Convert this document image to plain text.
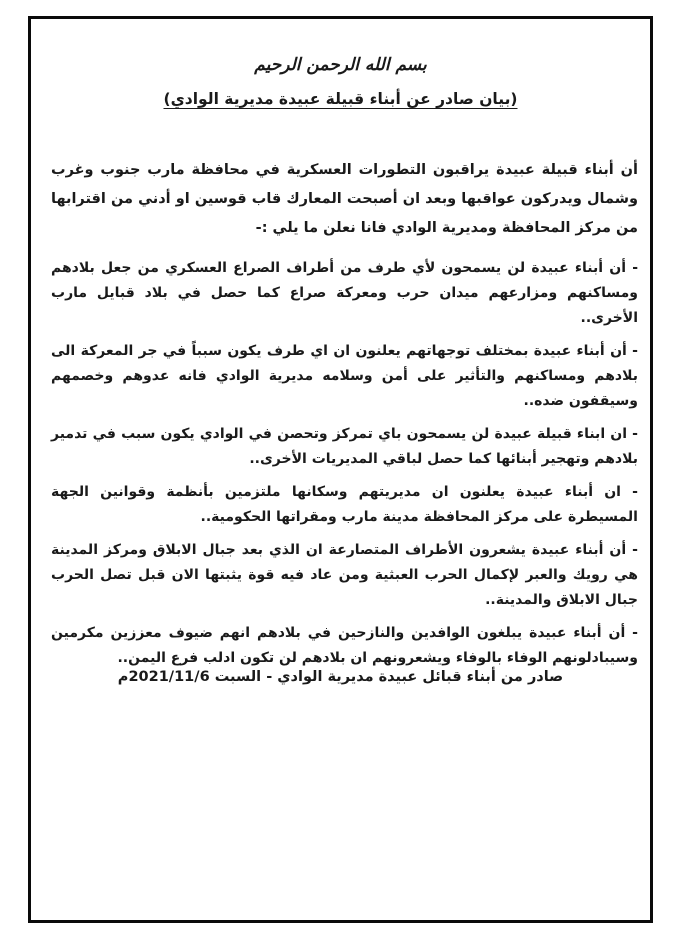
بسم الله الرحمن الرحيم
(بيان صادر عن أبناء قبيلة عبيدة مديرية الوادي)

أن أبناء قبيلة عبيدة يراقبون التطورات العسكرية في محافظة مارب جنوب وغرب وشمال ويدركون عواقبها وبعد ان أصبحت المعارك قاب قوسين او أدني من اقترابها من مركز المحافظة ومديرية الوادي فانا نعلن ما يلي :-

- أن أبناء عبيدة لن يسمحون لأي طرف من أطراف الصراع العسكري من جعل بلادهم ومساكنهم ومزارعهم ميدان حرب ومعركة صراع كما حصل في بلاد قبايل مارب الأخرى..

- أن أبناء عبيدة بمختلف توجهاتهم يعلنون ان اي طرف يكون سبباً في جر المعركة الى بلادهم ومساكنهم والتأثير على أمن وسلامه مديرية الوادي فانه عدوهم وخصمهم وسيقفون ضده..

- ان ابناء قبيلة عبيدة لن يسمحون باي تمركز وتحصن في الوادي يكون سبب في تدمير بلادهم وتهجير أبنائها كما حصل لباقي المديريات الأخرى..

- ان أبناء عبيدة يعلنون ان مديريتهم وسكانها ملتزمين بأنظمة وقوانين الجهة المسيطرة على مركز المحافظة مدينة مارب ومقراتها الحكومية..

- أن أبناء عبيدة يشعرون الأطراف المتصارعة ان الذي بعد جبال الابلاق ومركز المدينة هي رويك والعبر لإكمال الحرب العبثية ومن عاد فيه قوة يثبتها الان قبل تصل الحرب جبال الابلاق والمدينة..

- أن أبناء عبيدة يبلغون الوافدين والنازحين في بلادهم انهم ضيوف معززين مكرمين وسيبادلونهم الوفاء بالوفاء ويشعرونهم ان بلادهم لن تكون ادلب فرع اليمن..

صادر من أبناء قبائل عبيدة مديرية الوادي - السبت 2021/11/6م
